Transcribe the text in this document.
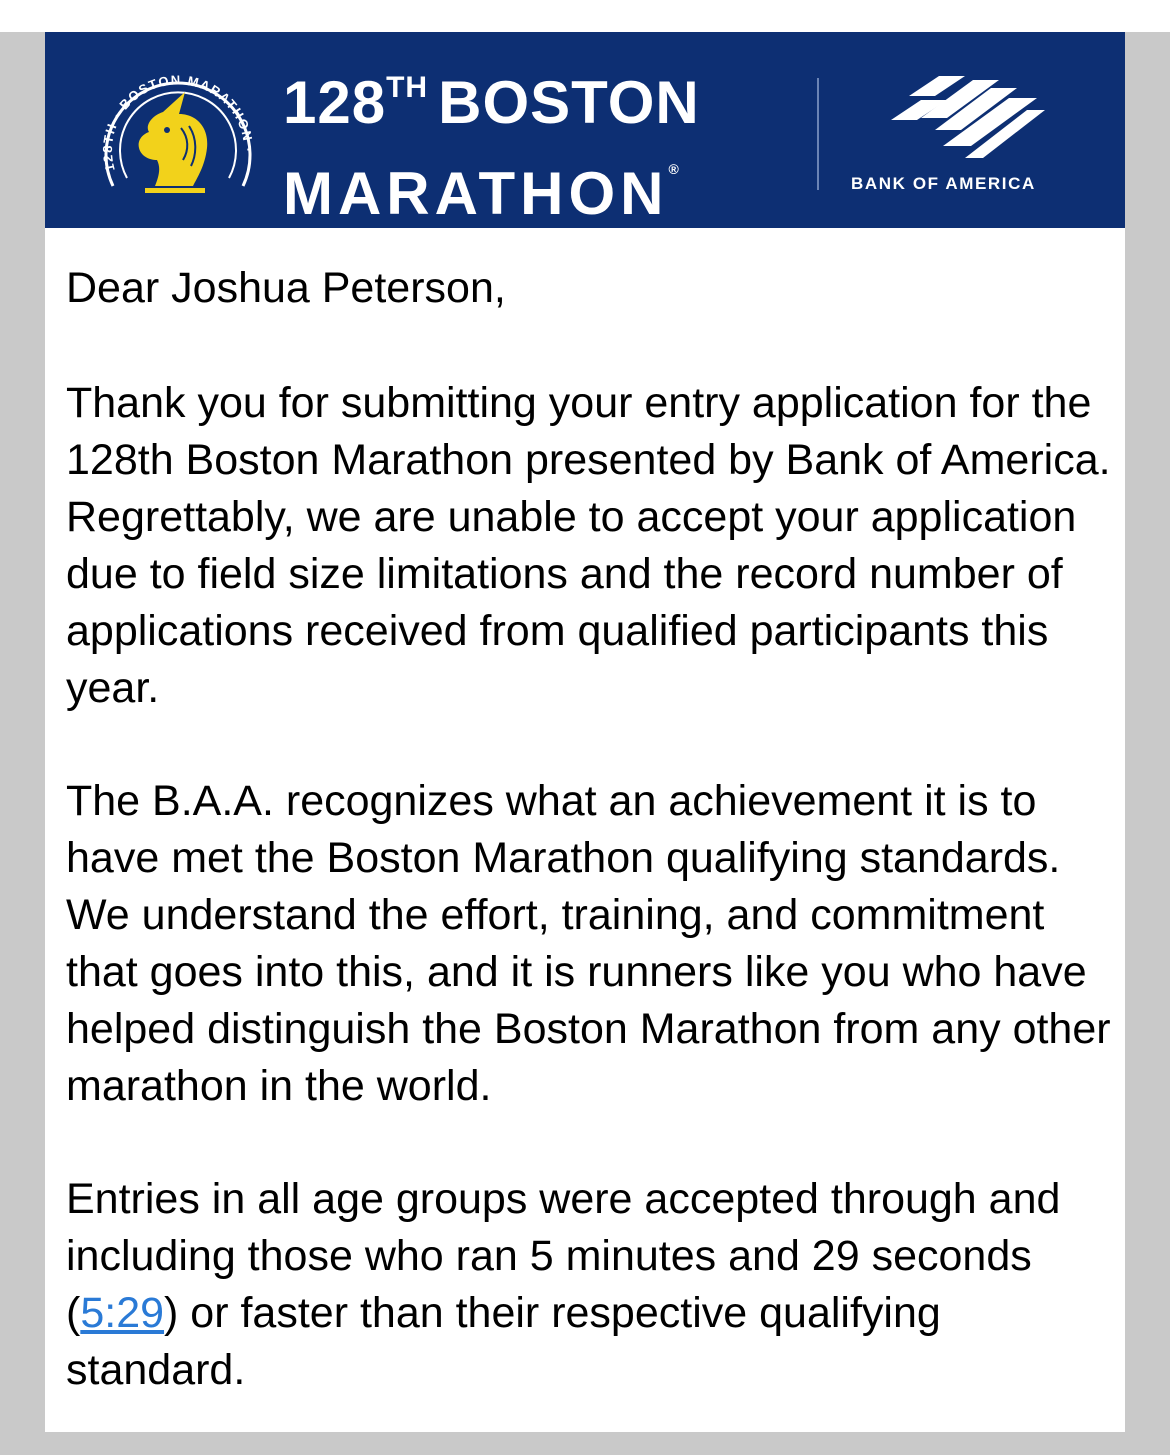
128TH · BOSTON MARATHON ·
128TH BOSTON
MARATHON®
BANK OF AMERICA

Dear Joshua Peterson,

Thank you for submitting your entry application for the 128th Boston Marathon presented by Bank of America. Regrettably, we are unable to accept your application due to field size limitations and the record number of applications received from qualified participants this year.

The B.A.A. recognizes what an achievement it is to have met the Boston Marathon qualifying standards. We understand the effort, training, and commitment that goes into this, and it is runners like you who have helped distinguish the Boston Marathon from any other marathon in the world.

Entries in all age groups were accepted through and including those who ran 5 minutes and 29 seconds (5:29) or faster than their respective qualifying standard.
